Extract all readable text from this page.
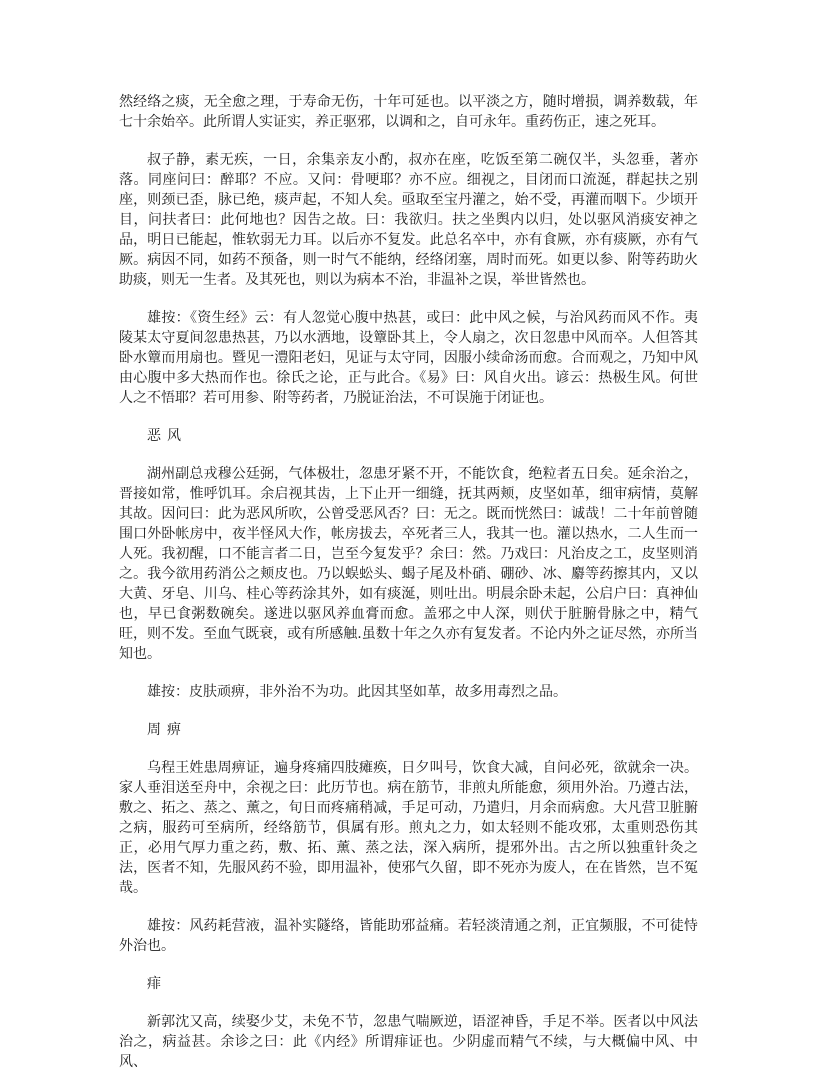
然经络之痰，无全愈之理，于寿命无伤，十年可延也。以平淡之方，随时增损，调养数载，年七十余始卒。此所谓人实证实，养正驱邪，以调和之，自可永年。重药伤正，速之死耳。

叔子静，素无疾，一日，余集亲友小酌，叔亦在座，吃饭至第二碗仅半，头忽垂，著亦落。同座问曰：醉耶？不应。又问：骨哽耶？亦不应。细视之，目闭而口流涎，群起扶之别座，则颈已歪，脉已绝，痰声起，不知人矣。亟取至宝丹灌之，始不受，再灌而咽下。少顷开目，问扶者曰：此何地也？因告之故。曰：我欲归。扶之坐舆内以归，处以驱风消痰安神之品，明日已能起，惟软弱无力耳。以后亦不复发。此总名卒中，亦有食厥，亦有痰厥，亦有气厥。病因不同，如药不预备，则一时气不能纳，经络闭塞，周时而死。如更以参、附等药助火助痰，则无一生者。及其死也，则以为病本不治，非温补之误，举世皆然也。

雄按：《资生经》云：有人忽觉心腹中热甚，或曰：此中风之候，与治风药而风不作。夷陵某太守夏间忽患热甚，乃以水洒地，设簟卧其上，令人扇之，次日忽患中风而卒。人但答其卧水簟而用扇也。暨见一澧阳老妇，见证与太守同，因服小续命汤而愈。合而观之，乃知中风由心腹中多大热而作也。徐氏之论，正与此合。《易》曰：风自火出。谚云：热极生风。何世人之不悟耶？若可用参、附等药者，乃脱证治法，不可误施于闭证也。

恶风

湖州副总戎穆公廷弼，气体极壮，忽患牙紧不开，不能饮食，绝粒者五日矣。延余治之，晋接如常，惟呼饥耳。余启视其齿，上下止开一细缝，抚其两颊，皮坚如革，细审病情，莫解其故。因问曰：此为恶风所吹，公曾受恶风否？曰：无之。既而恍然曰：诚哉！二十年前曾随围口外卧帐房中，夜半怪风大作，帐房拔去，卒死者三人，我其一也。灌以热水，二人生而一人死。我初醒，口不能言者二日，岂至今复发乎？余曰：然。乃戏曰：凡治皮之工，皮坚则消之。我今欲用药消公之颊皮也。乃以蜈蚣头、蝎子尾及朴硝、硼砂、冰、麝等药擦其内，又以大黄、牙皂、川乌、桂心等药涂其外，如有痰涎，则吐出。明晨余卧未起，公启户曰：真神仙也，早已食粥数碗矣。遂进以驱风养血膏而愈。盖邪之中人深，则伏于脏腑骨脉之中，精气旺，则不发。至血气既衰，或有所感触.虽数十年之久亦有复发者。不论内外之证尽然，亦所当知也。

雄按：皮肤顽痹，非外治不为功。此因其坚如革，故多用毒烈之品。

周痹

乌程王姓患周痹证，遍身疼痛四肢瘫痪，日夕叫号，饮食大减，自问必死，欲就余一决。家人垂泪送至舟中，余视之曰：此历节也。病在筋节，非煎丸所能愈，须用外治。乃遵古法，敷之、拓之、蒸之、薰之，旬日而疼痛稍减，手足可动，乃遣归，月余而病愈。大凡营卫脏腑之病，服药可至病所，经络筋节，俱属有形。煎丸之力，如太轻则不能攻邪，太重则恐伤其正，必用气厚力重之药，敷、拓、薰、蒸之法，深入病所，提邪外出。古之所以独重针灸之法，医者不知，先服风药不验，即用温补，使邪气久留，即不死亦为废人，在在皆然，岂不冤哉。

雄按：风药耗营液，温补实隧络，皆能助邪益痛。若轻淡清通之剂，正宜频服，不可徒恃外治也。

痱

新郭沈又高，续娶少艾，未免不节，忽患气喘厥逆，语涩神昏，手足不举。医者以中风法治之，病益甚。余诊之曰：此《内经》所谓痱证也。少阴虚而精气不续，与大概偏中风、中风、
